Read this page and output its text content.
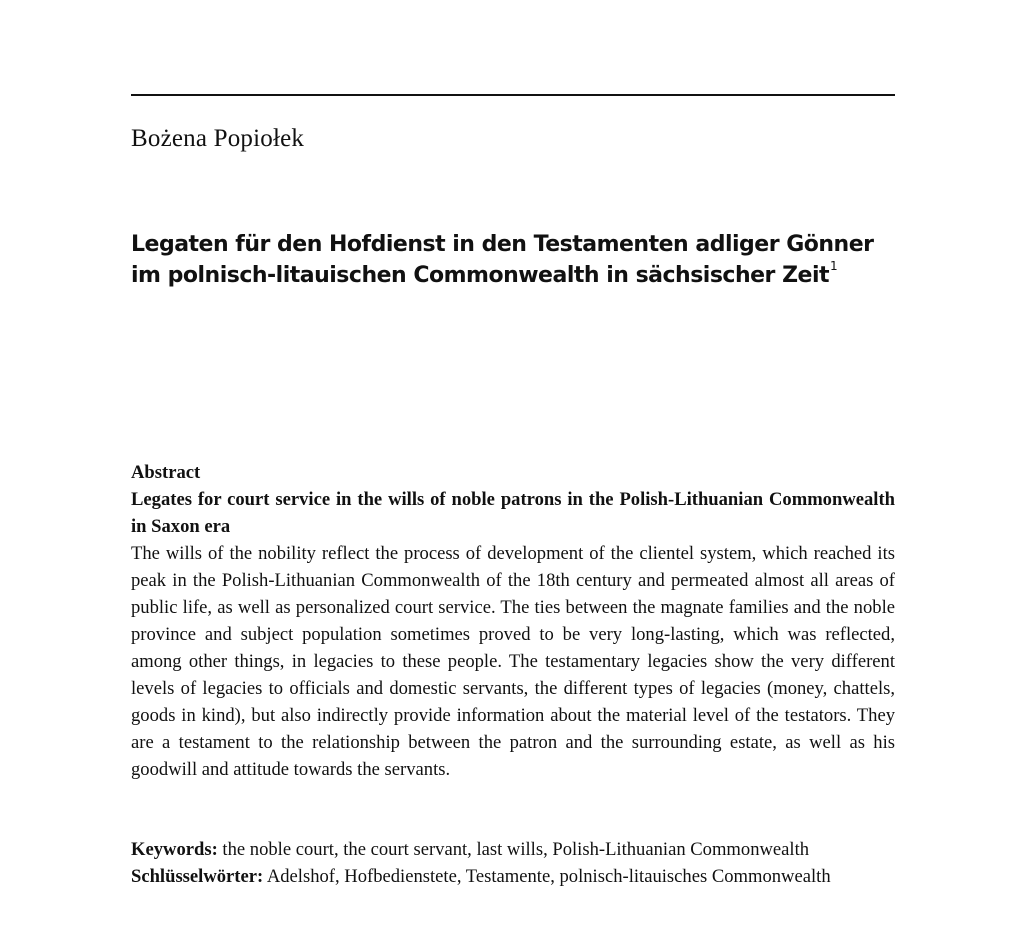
Bożena Popiołek
Legaten für den Hofdienst in den Testamenten adliger Gönner
im polnisch-litauischen Commonwealth in sächsischer Zeit$^1$
Abstract
Legates for court service in the wills of noble patrons in the Polish-Lithuanian Commonwealth in Saxon era
The wills of the nobility reflect the process of development of the clientel system, which reached its peak in the Polish-Lithuanian Commonwealth of the 18th century and permeated almost all areas of public life, as well as personalized court service. The ties between the magnate families and the noble province and subject population sometimes proved to be very long-lasting, which was reflected, among other things, in legacies to these people. The testamentary legacies show the very different levels of legacies to officials and domestic servants, the different types of legacies (money, chattels, goods in kind), but also indirectly provide information about the material level of the testators. They are a testament to the relationship between the patron and the surrounding estate, as well as his goodwill and attitude towards the servants.
Keywords: the noble court, the court servant, last wills, Polish-Lithuanian Commonwealth
Schlüsselwörter: Adelshof, Hofbedienstete, Testamente, polnisch-litauisches Commonwealth
